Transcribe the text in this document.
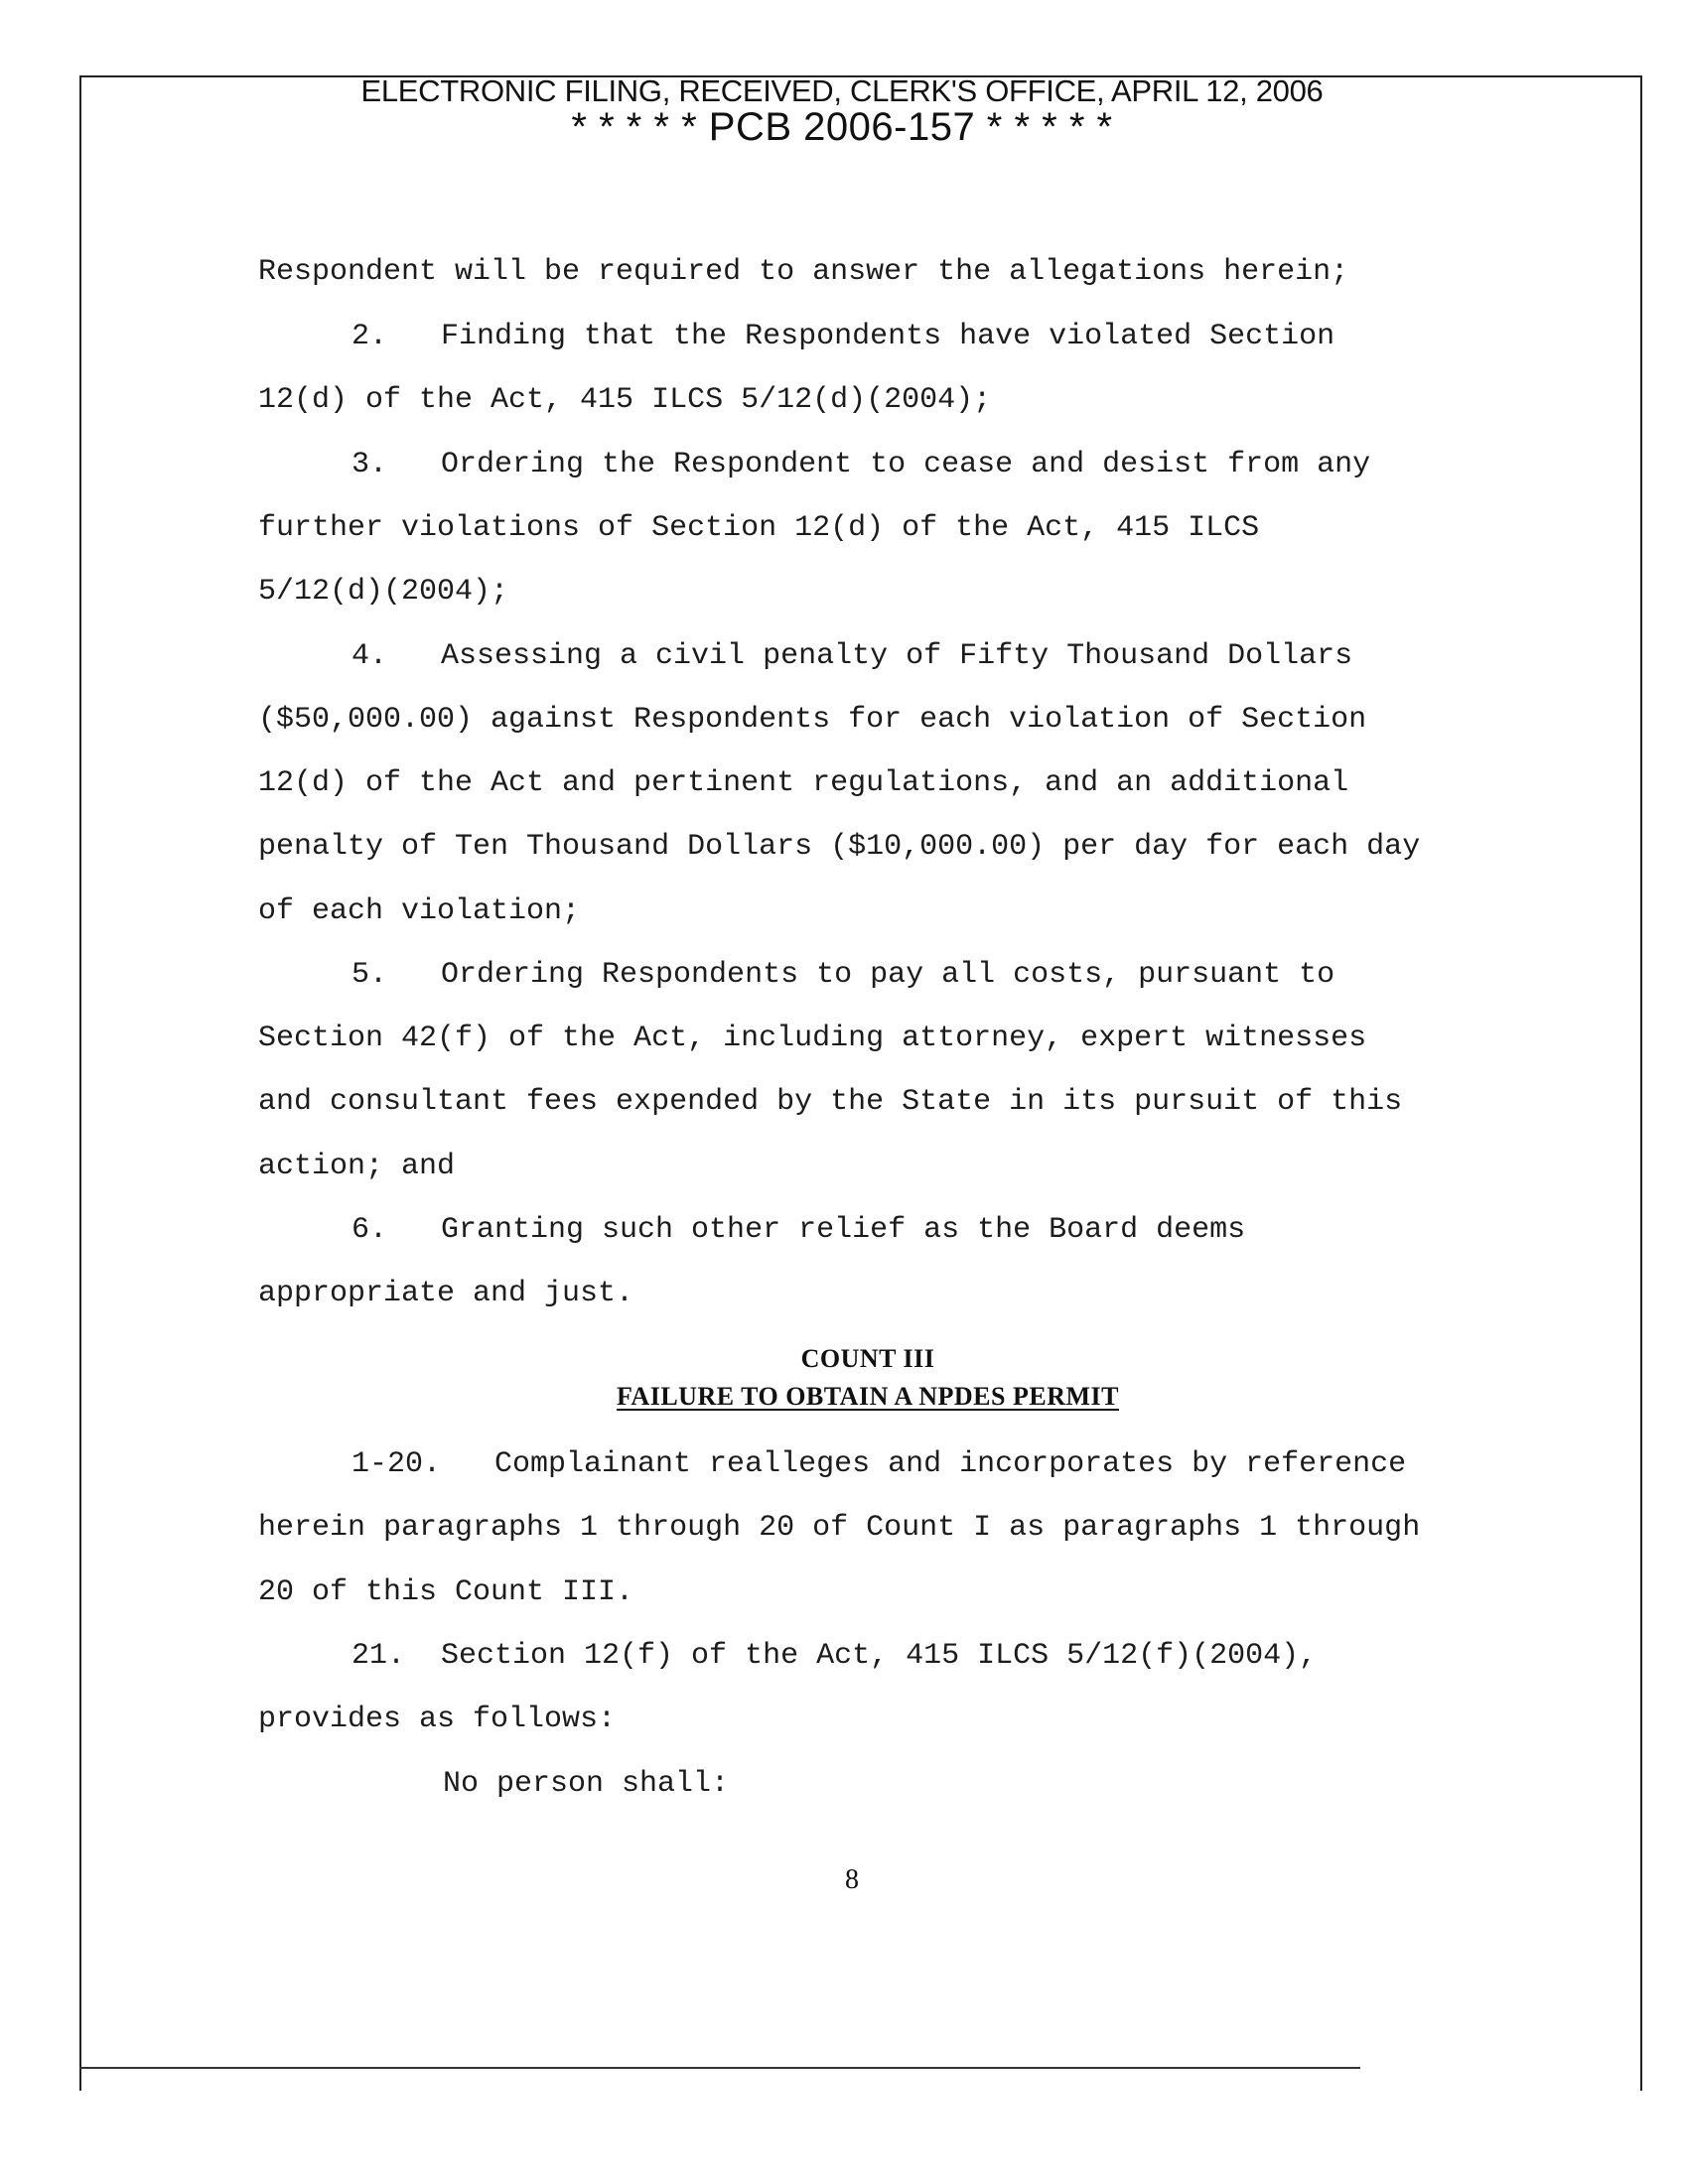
ELECTRONIC FILING, RECEIVED, CLERK'S OFFICE, APRIL 12, 2006
* * * * * PCB 2006-157 * * * * *
Respondent will be required to answer the allegations herein;
2.   Finding that the Respondents have violated Section
12(d) of the Act, 415 ILCS 5/12(d)(2004);
3.   Ordering the Respondent to cease and desist from any
further violations of Section 12(d) of the Act, 415 ILCS
5/12(d)(2004);
4.   Assessing a civil penalty of Fifty Thousand Dollars
($50,000.00) against Respondents for each violation of Section
12(d) of the Act and pertinent regulations, and an additional
penalty of Ten Thousand Dollars ($10,000.00) per day for each day
of each violation;
5.   Ordering Respondents to pay all costs, pursuant to
Section 42(f) of the Act, including attorney, expert witnesses
and consultant fees expended by the State in its pursuit of this
action; and
6.   Granting such other relief as the Board deems
appropriate and just.
COUNT III
FAILURE TO OBTAIN A NPDES PERMIT
1-20.   Complainant realleges and incorporates by reference
herein paragraphs 1 through 20 of Count I as paragraphs 1 through
20 of this Count III.
21.  Section 12(f) of the Act, 415 ILCS 5/12(f)(2004),
provides as follows:
No person shall:
8
